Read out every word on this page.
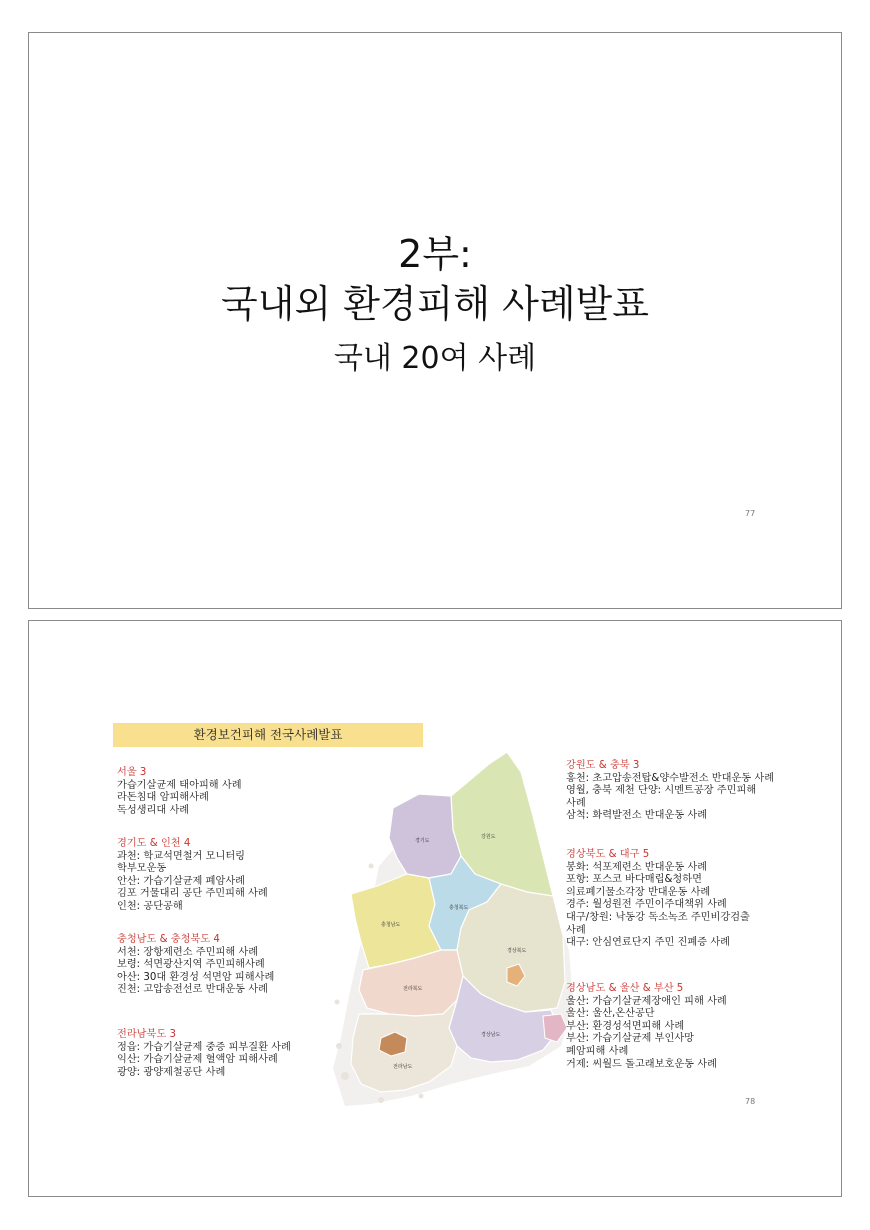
2부:
국내외 환경피해 사례발표
국내 20여 사례
77
환경보건피해 전국사례발표
경기도
강원도
충청북도
충청남도
경상북도
전라북도
경상남도
전라남도
서울 3
가습기살균제 태아피해 사례
라돈침대 암피해사례
독성생리대 사례
경기도 & 인천 4
과천: 학교석면철거 모니터링
학부모운동
안산: 가습기살균제 폐암사례
김포 거물대리 공단 주민피해 사례
인천: 공단공해
충청남도 & 충청북도 4
서천: 장항제련소 주민피해 사례
보령: 석면광산지역 주민피해사례
아산: 30대 환경성 석면암 피해사례
진천: 고압송전선로 반대운동 사례
전라남북도 3
정읍: 가습기살균제 중증 피부질환 사례
익산: 가습기살균제 혈액암 피해사례
광양: 광양제철공단 사례
강원도 & 충북 3
홍천: 초고압송전탑&양수발전소 반대운동 사례
영월, 충북 제천 단양: 시멘트공장 주민피해
사례
삼척: 화력발전소 반대운동 사례
경상북도 & 대구 5
봉화: 석포제련소 반대운동 사례
포항: 포스코 바다매립&청하면
의료폐기물소각장 반대운동 사례
경주: 월성원전 주민이주대책위 사례
대구/창원: 낙동강 독소녹조 주민비강검출
사례
대구: 안심연료단지 주민 진폐증 사례
경상남도 & 울산 & 부산 5
울산: 가습기살균제장애인 피해 사례
울산: 울산,온산공단
부산: 환경성석면피해 사례
부산: 가습기살균제 부인사망
폐암피해 사례
거제: 씨월드 돌고래보호운동 사례
78
